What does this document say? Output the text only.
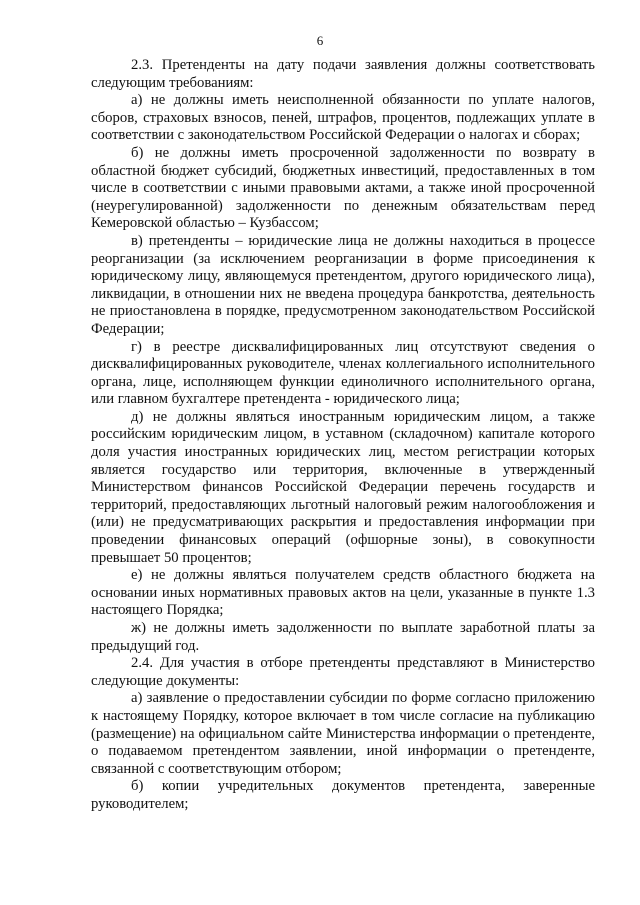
6

2.3. Претенденты на дату подачи заявления должны соответствовать следующим требованиям:

а) не должны иметь неисполненной обязанности по уплате налогов, сборов, страховых взносов, пеней, штрафов, процентов, подлежащих уплате в соответствии с законодательством Российской Федерации о налогах и сборах;

б) не должны иметь просроченной задолженности по возврату в областной бюджет субсидий, бюджетных инвестиций, предоставленных в том числе в соответствии с иными правовыми актами, а также иной просроченной (неурегулированной) задолженности по денежным обязательствам перед Кемеровской областью – Кузбассом;

в) претенденты – юридические лица не должны находиться в процессе реорганизации (за исключением реорганизации в форме присоединения к юридическому лицу, являющемуся претендентом, другого юридического лица), ликвидации, в отношении них не введена процедура банкротства, деятельность не приостановлена в порядке, предусмотренном законодательством Российской Федерации;

г) в реестре дисквалифицированных лиц отсутствуют сведения о дисквалифицированных руководителе, членах коллегиального исполнительного органа, лице, исполняющем функции единоличного исполнительного органа, или главном бухгалтере претендента - юридического лица;

д) не должны являться иностранным юридическим лицом, а также российским юридическим лицом, в уставном (складочном) капитале которого доля участия иностранных юридических лиц, местом регистрации которых является государство или территория, включенные в утвержденный Министерством финансов Российской Федерации перечень государств и территорий, предоставляющих льготный налоговый режим налогообложения и (или) не предусматривающих раскрытия и предоставления информации при проведении финансовых операций (офшорные зоны), в совокупности превышает 50 процентов;

е) не должны являться получателем средств областного бюджета на основании иных нормативных правовых актов на цели, указанные в пункте 1.3 настоящего Порядка;

ж) не должны иметь задолженности по выплате заработной платы за предыдущий год.

2.4. Для участия в отборе претенденты представляют в Министерство следующие документы:

а) заявление о предоставлении субсидии по форме согласно приложению к настоящему Порядку, которое включает в том числе согласие на публикацию (размещение) на официальном сайте Министерства информации о претенденте, о подаваемом претендентом заявлении, иной информации о претенденте, связанной с соответствующим отбором;

б) копии учредительных документов претендента, заверенные руководителем;
